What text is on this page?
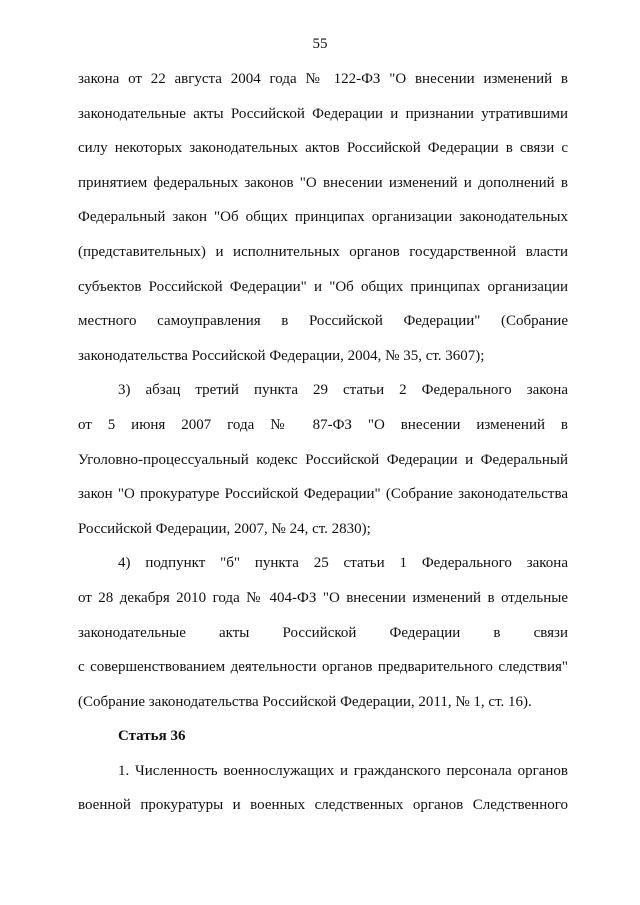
55
закона от 22 августа 2004 года № 122-ФЗ "О внесении изменений в
законодательные акты Российской Федерации и признании утратившими
силу некоторых законодательных актов Российской Федерации в связи с
принятием федеральных законов "О внесении изменений и дополнений в
Федеральный закон "Об общих принципах организации законодательных
(представительных) и исполнительных органов государственной власти
субъектов Российской Федерации" и "Об общих принципах организации
местного самоуправления в Российской Федерации" (Собрание
законодательства Российской Федерации, 2004, № 35, ст. 3607);
3) абзац третий пункта 29 статьи 2 Федерального закона
от 5 июня 2007 года № 87-ФЗ "О внесении изменений в
Уголовно-процессуальный кодекс Российской Федерации и Федеральный
закон "О прокуратуре Российской Федерации" (Собрание законодательства
Российской Федерации, 2007, № 24, ст. 2830);
4) подпункт "б" пункта 25 статьи 1 Федерального закона
от 28 декабря 2010 года № 404-ФЗ "О внесении изменений в отдельные
законодательные акты Российской Федерации в связи
с совершенствованием деятельности органов предварительного следствия"
(Собрание законодательства Российской Федерации, 2011, № 1, ст. 16).
Статья 36
1. Численность военнослужащих и гражданского персонала органов
военной прокуратуры и военных следственных органов Следственного
